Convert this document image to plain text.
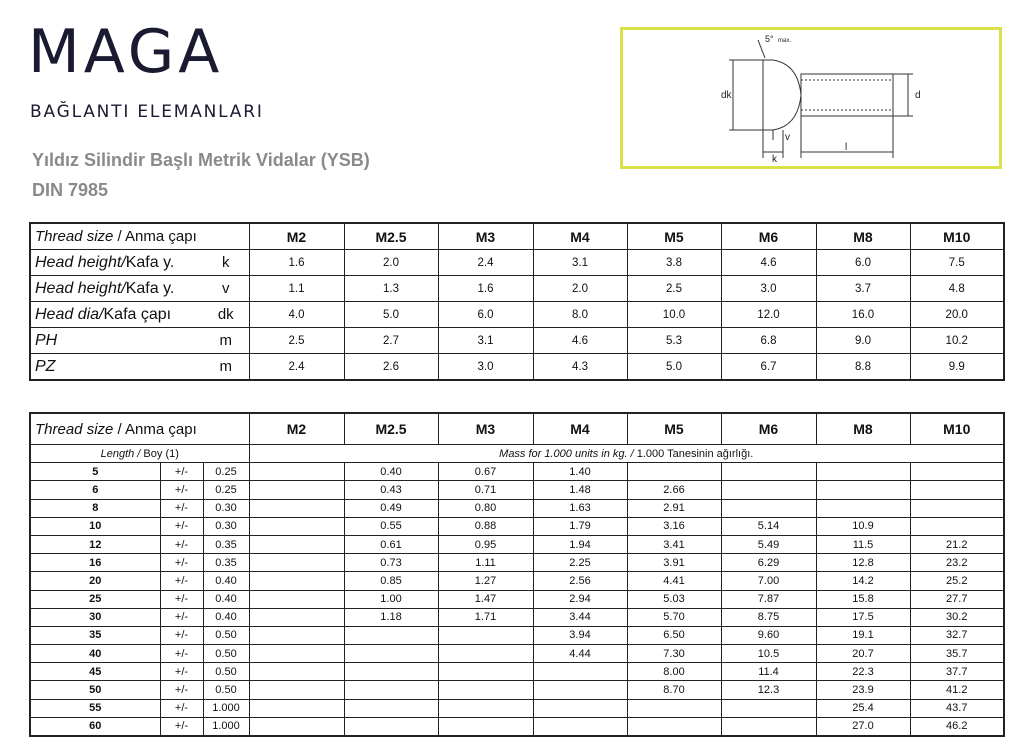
MAGA
BAĞLANTI ELEMANLARI
Yıldız Silindir Başlı Metrik Vidalar (YSB)
DIN 7985
5° max.
dk	d
v
k
l
Thread size / Anma çapı		M2	M2.5	M3	M4	M5	M6	M8	M10
Head height/Kafa y.	k	1.6	2.0	2.4	3.1	3.8	4.6	6.0	7.5
Head height/Kafa y.	v	1.1	1.3	1.6	2.0	2.5	3.0	3.7	4.8
Head dia/Kafa çapı	dk	4.0	5.0	6.0	8.0	10.0	12.0	16.0	20.0
PH	m	2.5	2.7	3.1	4.6	5.3	6.8	9.0	10.2
PZ	m	2.4	2.6	3.0	4.3	5.0	6.7	8.8	9.9
Thread size / Anma çapı			M2	M2.5	M3	M4	M5	M6	M8	M10
Length / Boy (1)			Mass for 1.000 units in kg. / 1.000 Tanesinin ağırlığı.							
5	+/-	0.25		0.40	0.67	1.40				
6	+/-	0.25		0.43	0.71	1.48	2.66			
8	+/-	0.30		0.49	0.80	1.63	2.91			
10	+/-	0.30		0.55	0.88	1.79	3.16	5.14	10.9	
12	+/-	0.35		0.61	0.95	1.94	3.41	5.49	11.5	21.2
16	+/-	0.35		0.73	1.11	2.25	3.91	6.29	12.8	23.2
20	+/-	0.40		0.85	1.27	2.56	4.41	7.00	14.2	25.2
25	+/-	0.40		1.00	1.47	2.94	5.03	7.87	15.8	27.7
30	+/-	0.40		1.18	1.71	3.44	5.70	8.75	17.5	30.2
35	+/-	0.50				3.94	6.50	9.60	19.1	32.7
40	+/-	0.50				4.44	7.30	10.5	20.7	35.7
45	+/-	0.50					8.00	11.4	22.3	37.7
50	+/-	0.50					8.70	12.3	23.9	41.2
55	+/-	1.000							25.4	43.7
60	+/-	1.000							27.0	46.2
